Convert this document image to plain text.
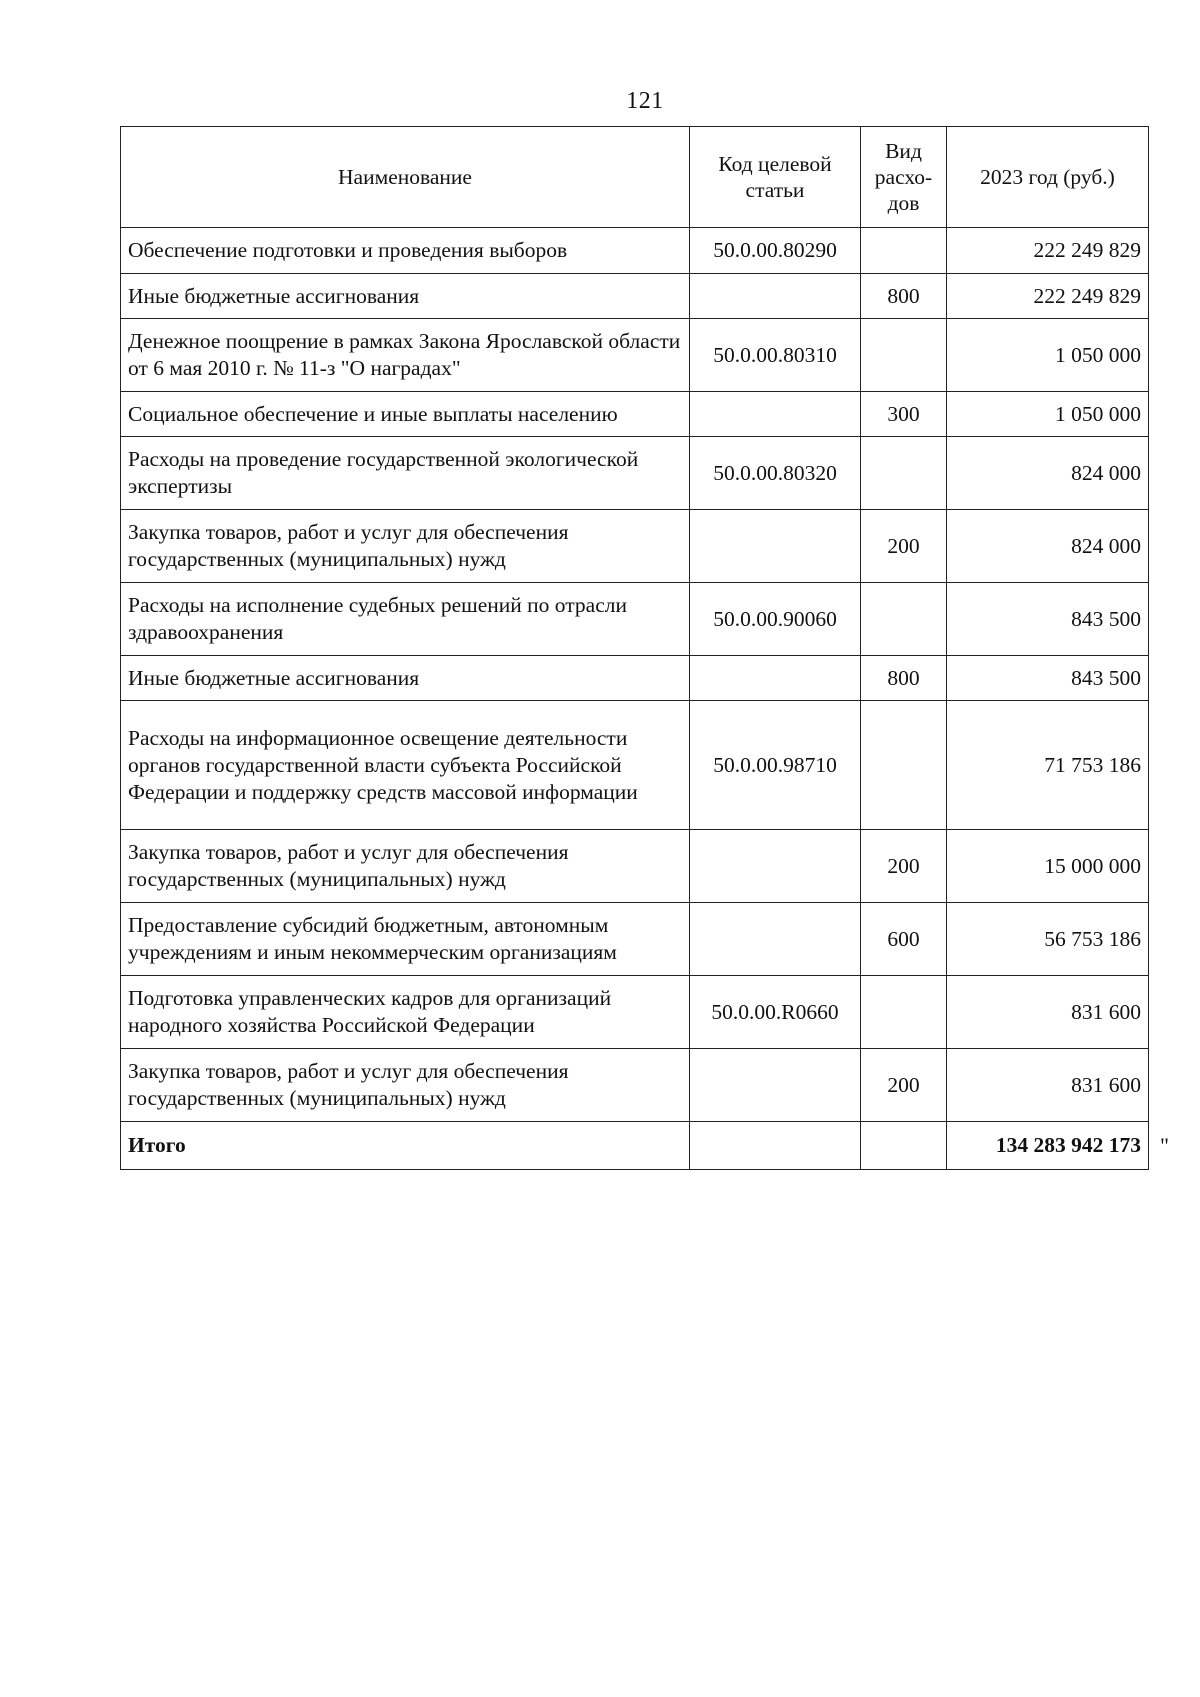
121
Наименование	Код целевой статьи	Вид расхо-дов	2023 год (руб.)
Обеспечение подготовки и проведения выборов	50.0.00.80290		222 249 829
Иные бюджетные ассигнования		800	222 249 829
Денежное поощрение в рамках Закона Ярославской области от 6 мая 2010 г. № 11-з "О наградах"	50.0.00.80310		1 050 000
Социальное обеспечение и иные выплаты населению		300	1 050 000
Расходы на проведение государственной экологической экспертизы	50.0.00.80320		824 000
Закупка товаров, работ и услуг для обеспечения государственных (муниципальных) нужд		200	824 000
Расходы на исполнение судебных решений по отрасли здравоохранения	50.0.00.90060		843 500
Иные бюджетные ассигнования		800	843 500
Расходы на информационное освещение деятельности органов государственной власти субъекта Российской Федерации и поддержку средств массовой информации	50.0.00.98710		71 753 186
Закупка товаров, работ и услуг для обеспечения государственных (муниципальных) нужд		200	15 000 000
Предоставление субсидий бюджетным, автономным учреждениям и иным некоммерческим организациям		600	56 753 186
Подготовка управленческих кадров для организаций народного хозяйства Российской Федерации	50.0.00.R0660		831 600
Закупка товаров, работ и услуг для обеспечения государственных (муниципальных) нужд		200	831 600
Итого			134 283 942 173 "
